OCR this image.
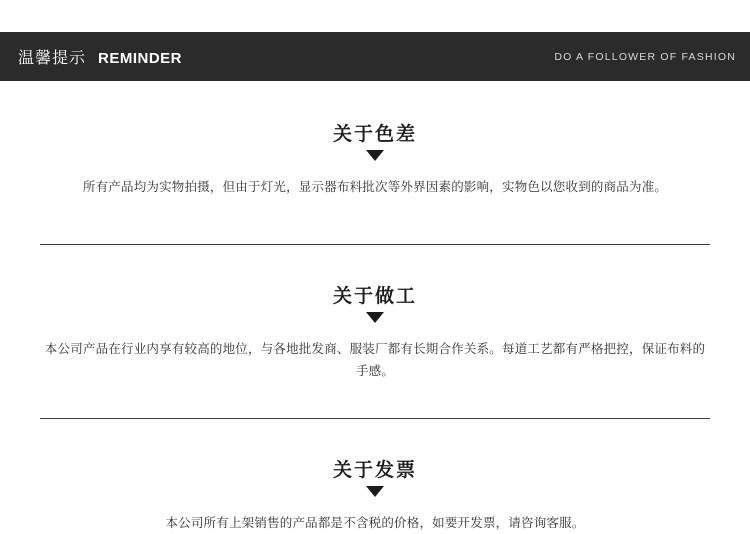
温馨提示 REMINDER	DO A FOLLOWER OF FASHION
关于色差
所有产品均为实物拍摄，但由于灯光，显示器布料批次等外界因素的影响，实物色以您收到的商品为准。
关于做工
本公司产品在行业内享有较高的地位，与各地批发商、服装厂都有长期合作关系。每道工艺都有严格把控，保证布料的手感。
关于发票
本公司所有上架销售的产品都是不含税的价格，如要开发票，请咨询客服。
